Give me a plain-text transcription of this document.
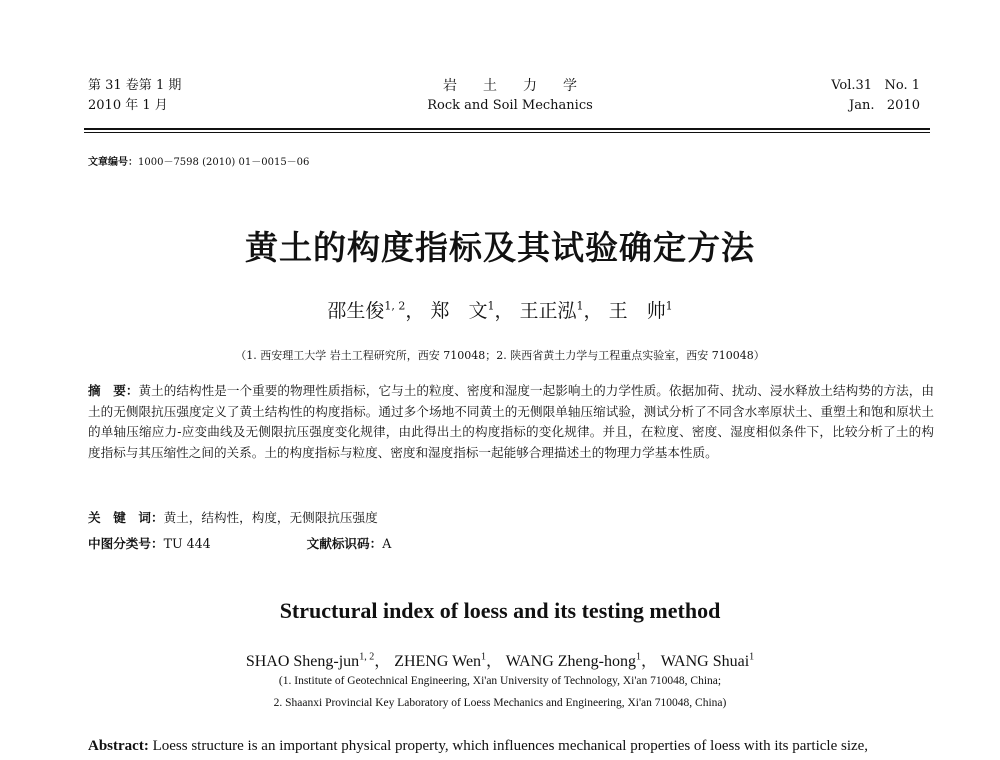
第 31 卷第 1 期
2010 年 1 月
岩土力学
Rock and Soil Mechanics
Vol.31 No. 1
Jan. 2010
文章编号：1000－7598 (2010) 01－0015－06
黄土的构度指标及其试验确定方法
邵生俊$^{1, 2}$， 郑　文$^1$， 王正泓$^1$， 王　帅$^1$
（1. 西安理工大学 岩土工程研究所，西安 710048；2. 陕西省黄土力学与工程重点实验室，西安 710048）
摘　要：黄土的结构性是一个重要的物理性质指标，它与土的粒度、密度和湿度一起影响土的力学性质。依据加荷、扰动、浸水释放土结构势的方法，由土的无侧限抗压强度定义了黄土结构性的构度指标。通过多个场地不同黄土的无侧限单轴压缩试验，测试分析了不同含水率原状土、重塑土和饱和原状土的单轴压缩应力-应变曲线及无侧限抗压强度变化规律，由此得出土的构度指标的变化规律。并且，在粒度、密度、湿度相似条件下，比较分析了土的构度指标与其压缩性之间的关系。土的构度指标与粒度、密度和湿度指标一起能够合理描述土的物理力学基本性质。
关　键　词：黄土，结构性，构度，无侧限抗压强度
中图分类号：TU 444	文献标识码：A
Structural index of loess and its testing method
SHAO Sheng-jun$^{1, 2}$， ZHENG Wen$^1$， WANG Zheng-hong$^1$， WANG Shuai$^1$
(1. Institute of Geotechnical Engineering, Xi'an University of Technology, Xi'an 710048, China;
2. Shaanxi Provincial Key Laboratory of Loess Mechanics and Engineering, Xi'an 710048, China)
Abstract: Loess structure is an important physical property, which influences mechanical properties of loess with its particle size,
